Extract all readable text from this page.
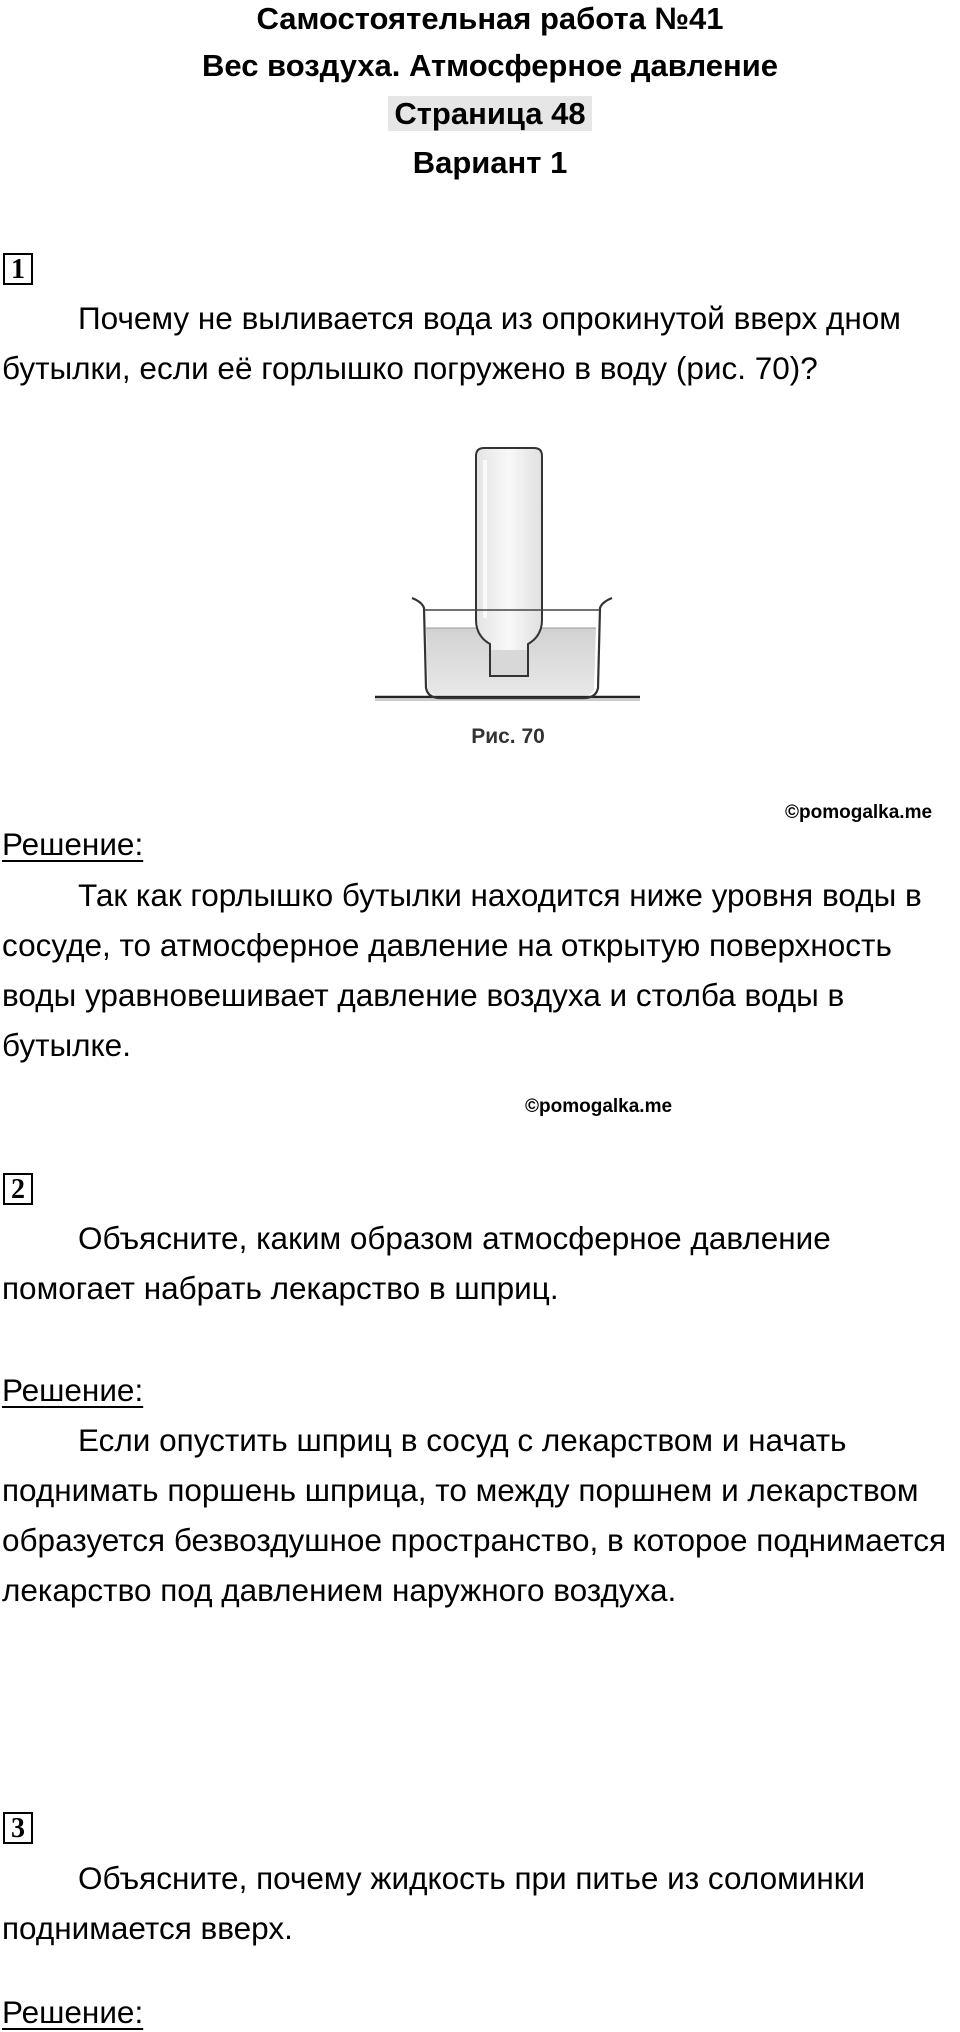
Самостоятельная работа №41
Вес воздуха. Атмосферное давление
Страница 48
Вариант 1
1

Почему не выливается вода из опрокинутой вверх дном бутылки, если её горлышко погружено в воду (рис. 70)?

Рис. 70
©pomogalka.me
Решение:

Так как горлышко бутылки находится ниже уровня воды в сосуде, то атмосферное давление на открытую поверхность воды уравновешивает давление воздуха и столба воды в бутылке.

©pomogalka.me
2

Объясните, каким образом атмосферное давление помогает набрать лекарство в шприц.

Решение:

Если опустить шприц в сосуд с лекарством и начать поднимать поршень шприца, то между поршнем и лекарством образуется безвоздушное пространство, в которое поднимается лекарство под давлением наружного воздуха.

3

Объясните, почему жидкость при питье из соломинки поднимается вверх.

Решение:
